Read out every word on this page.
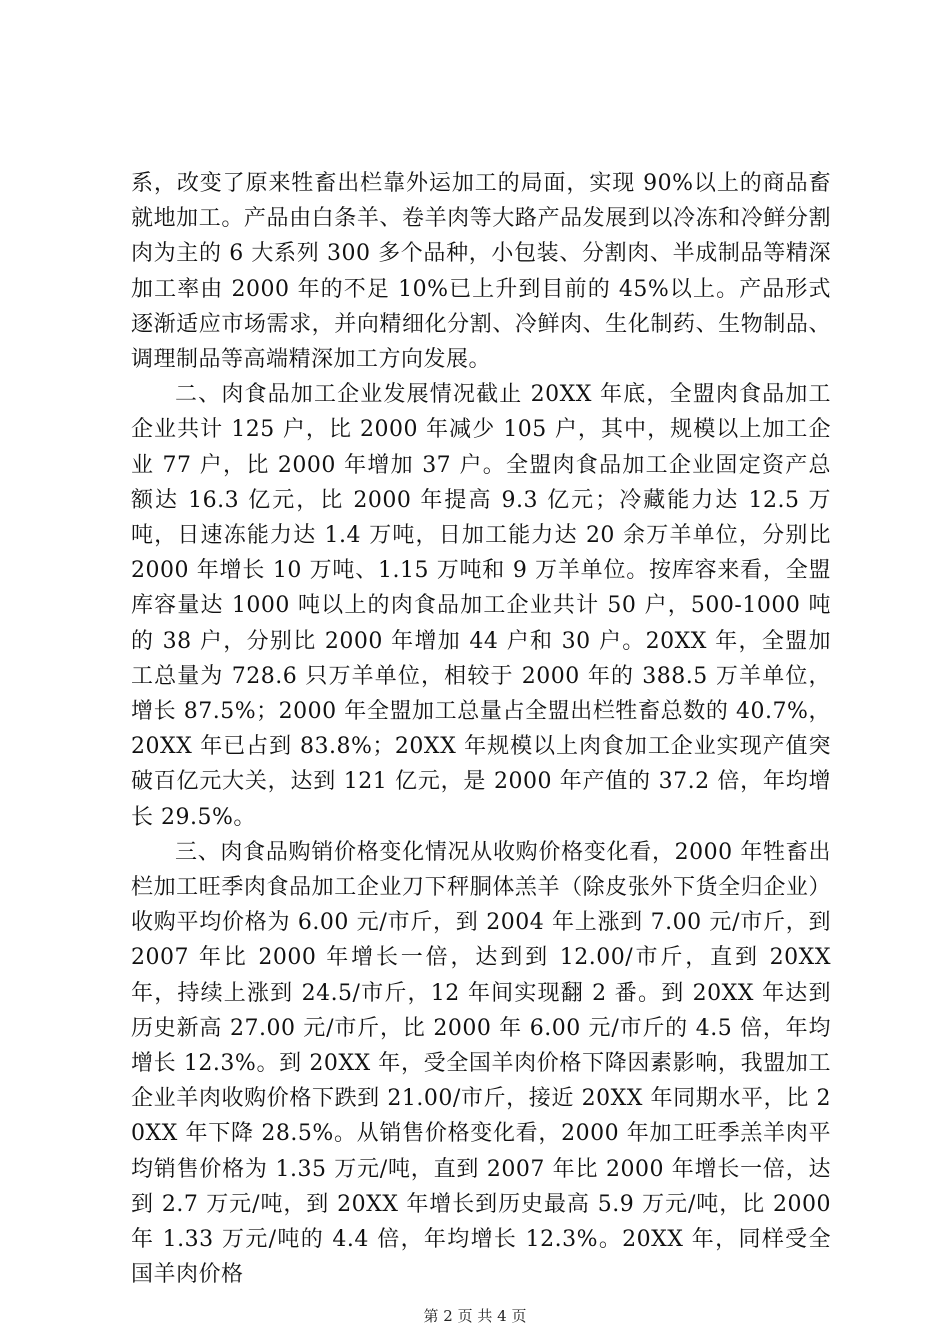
系，改变了原来牲畜出栏靠外运加工的局面，实现 90%以上的商品畜就地加工。产品由白条羊、卷羊肉等大路产品发展到以冷冻和冷鲜分割肉为主的 6 大系列 300 多个品种，小包装、分割肉、半成制品等精深加工率由 2000 年的不足 10%已上升到目前的 45%以上。产品形式逐渐适应市场需求，并向精细化分割、冷鲜肉、生化制药、生物制品、调理制品等高端精深加工方向发展。

二、肉食品加工企业发展情况截止 20XX 年底，全盟肉食品加工企业共计 125 户，比 2000 年减少 105 户，其中，规模以上加工企业 77 户，比 2000 年增加 37 户。全盟肉食品加工企业固定资产总额达 16.3 亿元，比 2000 年提高 9.3 亿元；冷藏能力达 12.5 万吨，日速冻能力达 1.4 万吨，日加工能力达 20 余万羊单位，分别比 2000 年增长 10 万吨、1.15 万吨和 9 万羊单位。按库容来看，全盟库容量达 1000 吨以上的肉食品加工企业共计 50 户，500-1000 吨的 38 户，分别比 2000 年增加 44 户和 30 户。20XX 年，全盟加工总量为 728.6 只万羊单位，相较于 2000 年的 388.5 万羊单位，增长 87.5%；2000 年全盟加工总量占全盟出栏牲畜总数的 40.7%，20XX 年已占到 83.8%；20XX 年规模以上肉食加工企业实现产值突破百亿元大关，达到 121 亿元，是 2000 年产值的 37.2 倍，年均增长 29.5%。

三、肉食品购销价格变化情况从收购价格变化看，2000 年牲畜出栏加工旺季肉食品加工企业刀下秤胴体羔羊（除皮张外下货全归企业）收购平均价格为 6.00 元/市斤，到 2004 年上涨到 7.00 元/市斤，到 2007 年比 2000 年增长一倍，达到到 12.00/市斤，直到 20XX 年，持续上涨到 24.5/市斤，12 年间实现翻 2 番。到 20XX 年达到历史新高 27.00 元/市斤，比 2000 年 6.00 元/市斤的 4.5 倍，年均增长 12.3%。到 20XX 年，受全国羊肉价格下降因素影响，我盟加工企业羊肉收购价格下跌到 21.00/市斤，接近 20XX 年同期水平，比 20XX 年下降 28.5%。从销售价格变化看，2000 年加工旺季羔羊肉平均销售价格为 1.35 万元/吨，直到 2007 年比 2000 年增长一倍，达到 2.7 万元/吨，到 20XX 年增长到历史最高 5.9 万元/吨，比 2000 年 1.33 万元/吨的 4.4 倍，年均增长 12.3%。20XX 年，同样受全国羊肉价格

第 2 页 共 4 页
